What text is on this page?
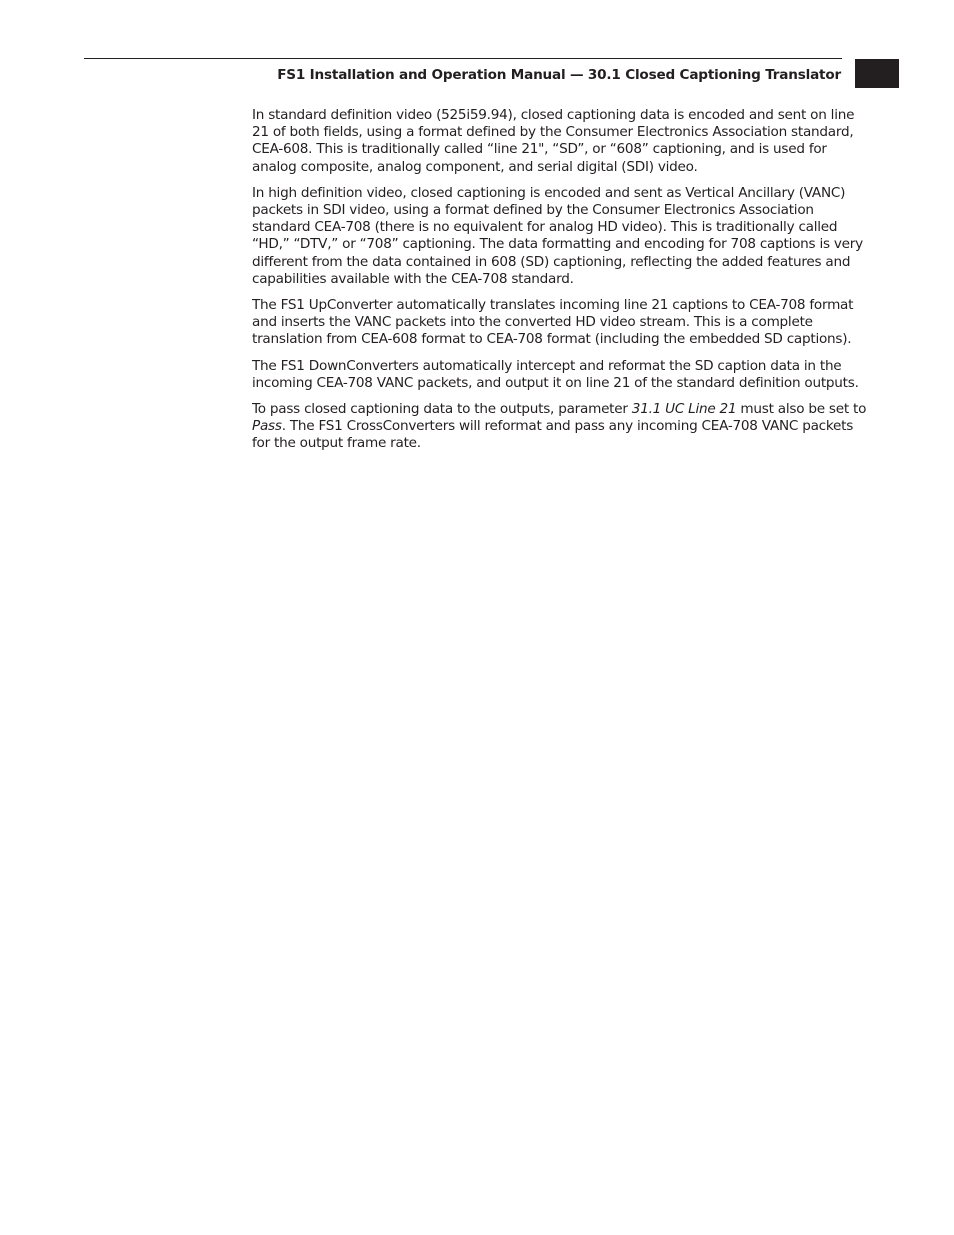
FS1 Installation and Operation Manual — 30.1 Closed Captioning Translator

In standard definition video (525i59.94), closed captioning data is encoded and sent on line 21 of both fields, using a format defined by the Consumer Electronics Association standard, CEA-608. This is traditionally called “line 21", “SD”, or “608” captioning, and is used for analog composite, analog component, and serial digital (SDI) video.

In high definition video, closed captioning is encoded and sent as Vertical Ancillary (VANC) packets in SDI video, using a format defined by the Consumer Electronics Association standard CEA-708 (there is no equivalent for analog HD video). This is traditionally called “HD,” “DTV,” or “708” captioning. The data formatting and encoding for 708 captions is very different from the data contained in 608 (SD) captioning, reflecting the added features and capabilities available with the CEA-708 standard.

The FS1 UpConverter automatically translates incoming line 21 captions to CEA-708 format and inserts the VANC packets into the converted HD video stream. This is a complete translation from CEA-608 format to CEA-708 format (including the embedded SD captions).

The FS1 DownConverters automatically intercept and reformat the SD caption data in the incoming CEA-708 VANC packets, and output it on line 21 of the standard definition outputs.

To pass closed captioning data to the outputs, parameter 31.1 UC Line 21 must also be set to Pass. The FS1 CrossConverters will reformat and pass any incoming CEA-708 VANC packets for the output frame rate.
